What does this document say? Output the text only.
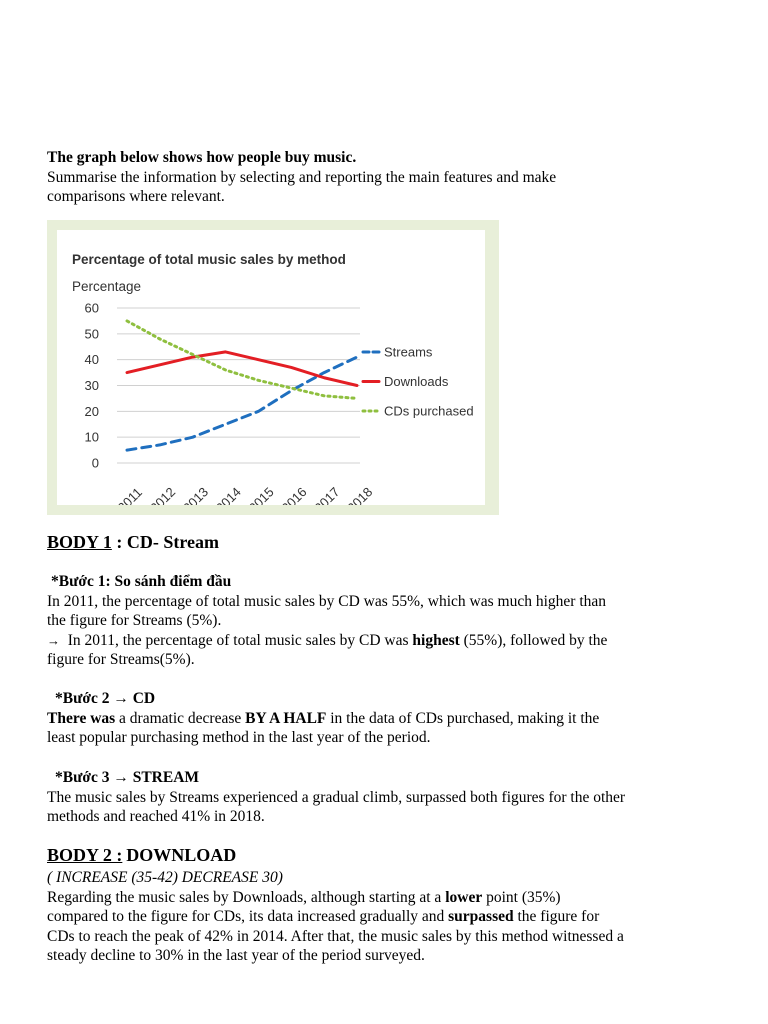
The graph below shows how people buy music.
Summarise the information by selecting and reporting the main features and make
comparisons where relevant.
Percentage of total music sales by method
Percentage
0
10
20
30
40
50
60
2011 2012 2013 2014 2015 2016 2017 2018
Streams
Downloads
CDs purchased
BODY 1 : CD- Stream
*Bước 1: So sánh điểm đầu
In 2011, the percentage of total music sales by CD was 55%, which was much higher than
the figure for Streams (5%).
→ In 2011, the percentage of total music sales by CD was highest (55%), followed by the
figure for Streams(5%).
*Bước 2 → CD
There was a dramatic decrease BY A HALF in the data of CDs purchased, making it the
least popular purchasing method in the last year of the period.
*Bước 3 → STREAM
The music sales by Streams experienced a gradual climb, surpassed both figures for the other
methods and reached 41% in 2018.
BODY 2 : DOWNLOAD
( INCREASE (35-42) DECREASE 30)
Regarding the music sales by Downloads, although starting at a lower point (35%)
compared to the figure for CDs, its data increased gradually and surpassed the figure for
CDs to reach the peak of 42% in 2014. After that, the music sales by this method witnessed a
steady decline to 30% in the last year of the period surveyed.
